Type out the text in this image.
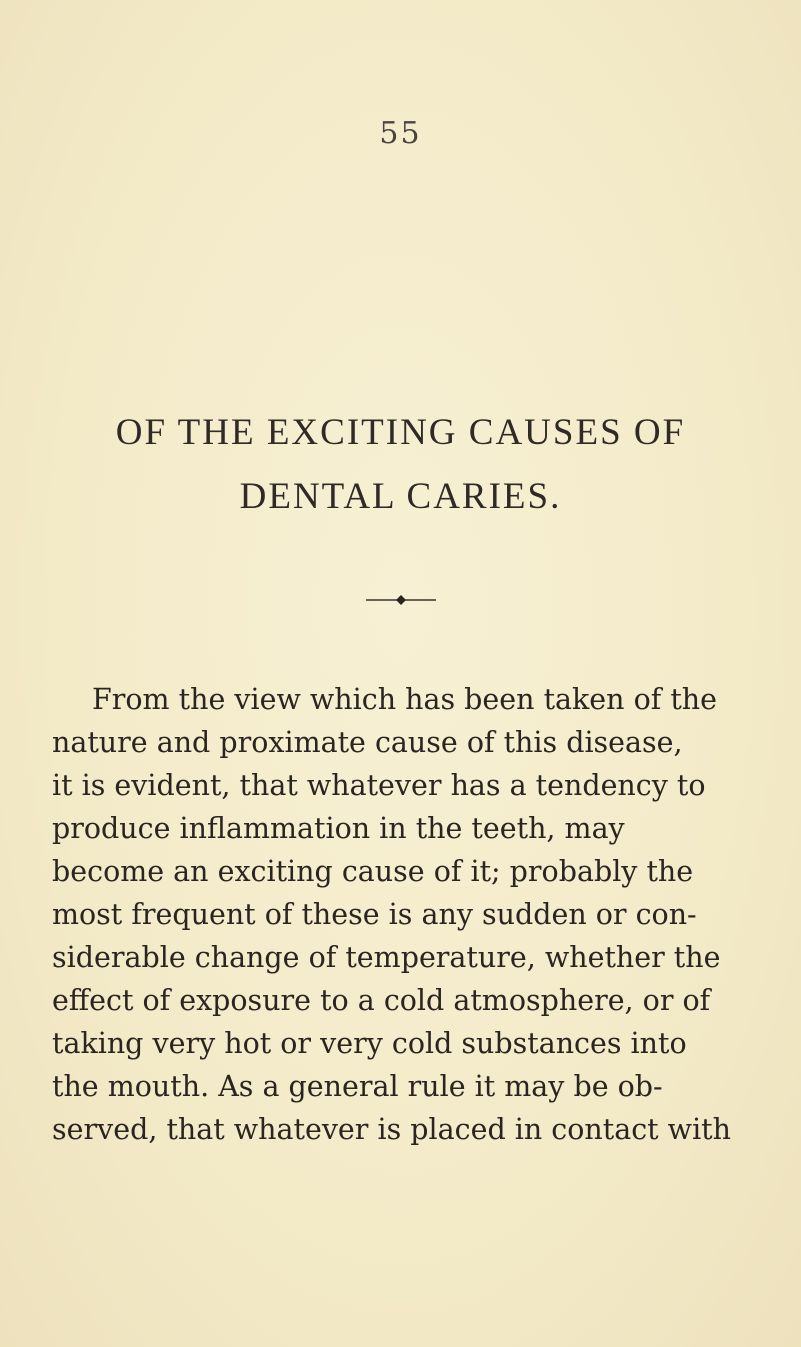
55
OF THE EXCITING CAUSES OF
DENTAL CARIES.
From the view which has been taken of the
nature and proximate cause of this disease,
it is evident, that whatever has a tendency to
produce inflammation in the teeth, may
become an exciting cause of it; probably the
most frequent of these is any sudden or con-
siderable change of temperature, whether the
effect of exposure to a cold atmosphere, or of
taking very hot or very cold substances into
the mouth. As a general rule it may be ob-
served, that whatever is placed in contact with
